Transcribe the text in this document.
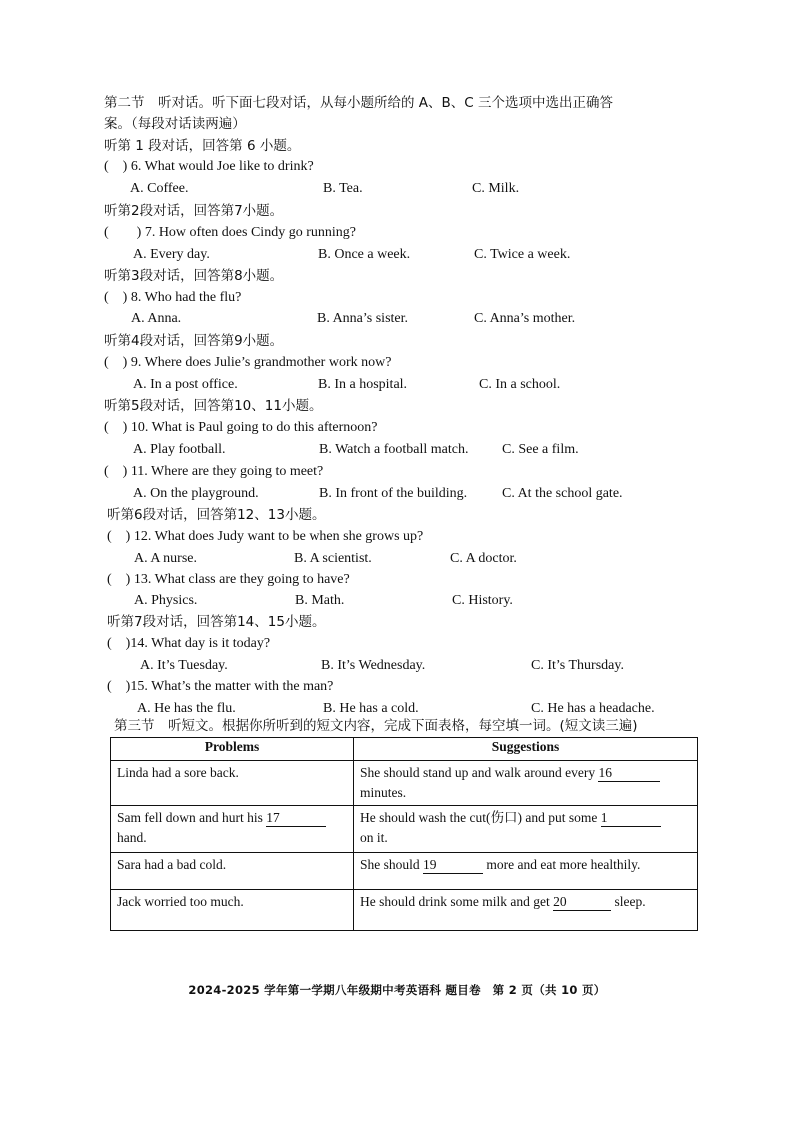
第二节　听对话。听下面七段对话，从每小题所给的 A、B、C 三个选项中选出正确答
案。（每段对话读两遍）
听第 1 段对话，回答第 6 小题。
(　) 6. What would Joe like to drink?
A. Coffee.	B. Tea.	C. Milk.
听第2段对话，回答第7小题。
(　　) 7. How often does Cindy go running?
A. Every day.	B. Once a week.	C. Twice a week.
听第3段对话，回答第8小题。
(　) 8. Who had the flu?
A. Anna.	B. Anna’s sister.	C. Anna’s mother.
听第4段对话，回答第9小题。
(　) 9. Where does Julie’s grandmother work now?
A. In a post office.	B. In a hospital.	C. In a school.
听第5段对话，回答第10、11小题。
(　) 10. What is Paul going to do this afternoon?
A. Play football.	B. Watch a football match. C. See a film.
(　) 11. Where are they going to meet?
A. On the playground.	B. In front of the building. C. At the school gate.
听第6段对话，回答第12、13小题。
(　) 12. What does Judy want to be when she grows up?
A. A nurse.	B. A scientist.	C. A doctor.
(　) 13. What class are they going to have?
A. Physics.	B. Math.	C. History.
听第7段对话，回答第14、15小题。
(　)14. What day is it today?
A. It’s Tuesday.	B. It’s Wednesday.	C. It’s Thursday.
(　)15. What’s the matter with the man?
A. He has the flu.	B. He has a cold.	C. He has a headache.
第三节　听短文。根据你所听到的短文内容，完成下面表格，每空填一词。(短文读三遍)
Problems	Suggestions
Linda had a sore back.	She should stand up and walk around every 16
minutes.
Sam fell down and hurt his 17
hand.	He should wash the cut(伤口) and put some 1
on it.
Sara had a bad cold.	She should 19 more and eat more healthily.
Jack worried too much.	He should drink some milk and get 20 sleep.
2024-2025 学年第一学期八年级期中考英语科 题目卷　第 2 页（共 10 页）
